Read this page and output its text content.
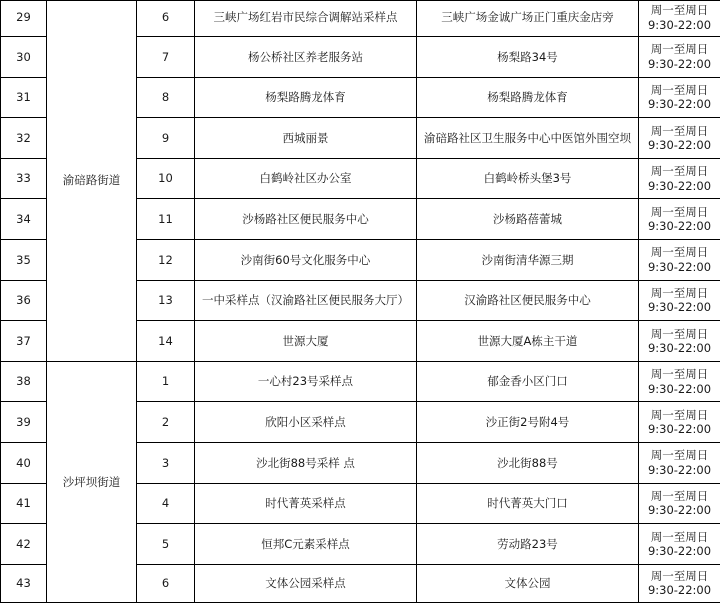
29	渝碚路街道	6	三峡广场红岩市民综合调解站采样点	三峡广场金诚广场正门重庆金店旁	周一至周日
9:30-22:00

30		7	杨公桥社区养老服务站	杨梨路34号	周一至周日
9:30-22:00

31		8	杨梨路腾龙体育	杨梨路腾龙体育	周一至周日
9:30-22:00

32		9	西城丽景	渝碚路社区卫生服务中心中医馆外围空坝	周一至周日
9:30-22:00

33		10	白鹤岭社区办公室	白鹤岭桥头堡3号	周一至周日
9:30-22:00

34		11	沙杨路社区便民服务中心	沙杨路蓓蕾城	周一至周日
9:30-22:00

35		12	沙南街60号文化服务中心	沙南街清华源三期	周一至周日
9:30-22:00

36		13	一中采样点（汉渝路社区便民服务大厅）	汉渝路社区便民服务中心	周一至周日
9:30-22:00

37		14	世源大厦	世源大厦A栋主干道	周一至周日
9:30-22:00

38	沙坪坝街道	1	一心村23号采样点	郁金香小区门口	周一至周日
9:30-22:00

39		2	欣阳小区采样点	沙正街2号附4号	周一至周日
9:30-22:00

40		3	沙北街88号采样 点	沙北街88号	周一至周日
9:30-22:00

41		4	时代菁英采样点	时代菁英大门口	周一至周日
9:30-22:00

42		5	恒邦C元素采样点	劳动路23号	周一至周日
9:30-22:00

43		6	文体公园采样点	文体公园	周一至周日
9:30-22:00
